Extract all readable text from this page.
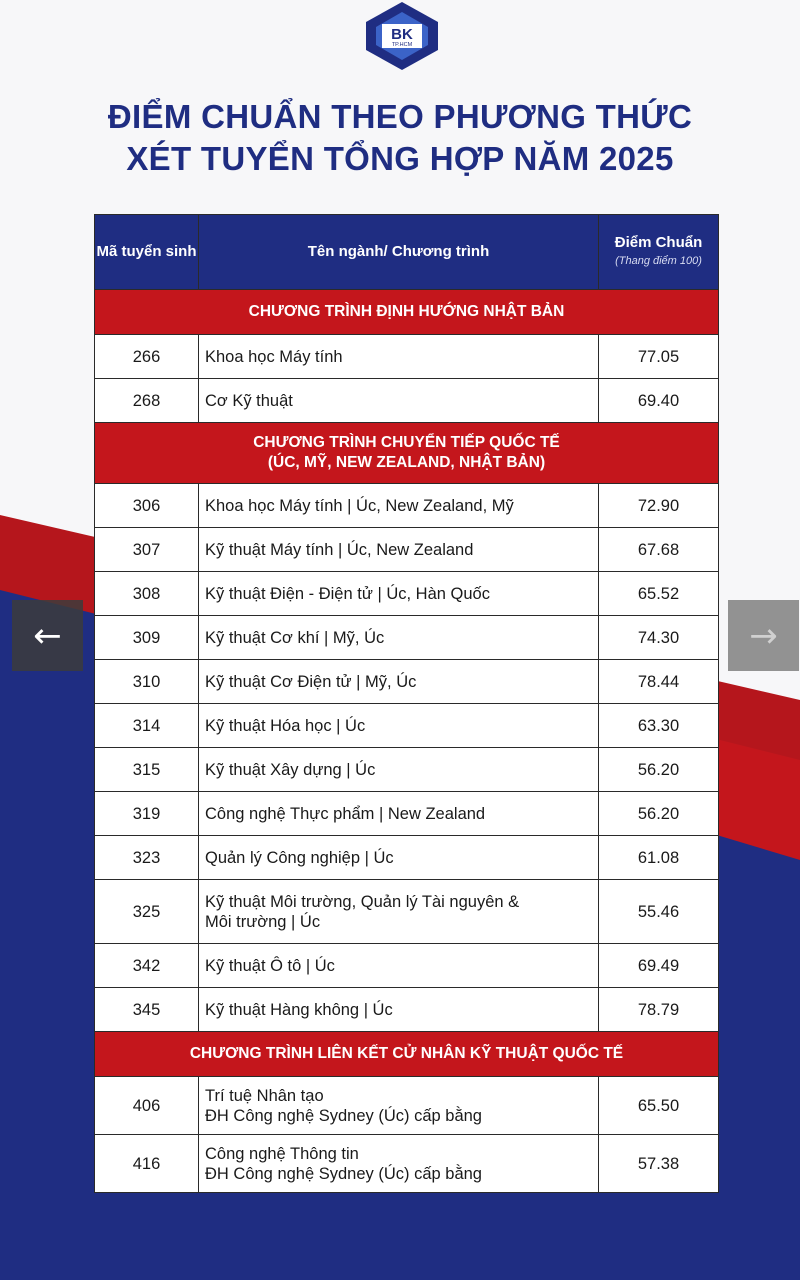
BK
TP.HCM
ĐIỂM CHUẨN THEO PHƯƠNG THỨC
XÉT TUYỂN TỔNG HỢP NĂM 2025
Mã tuyển sinh	Tên ngành/ Chương trình	Điểm Chuẩn
(Thang điểm 100)

CHƯƠNG TRÌNH ĐỊNH HƯỚNG NHẬT BẢN		
266	Khoa học Máy tính	77.05
268	Cơ Kỹ thuật	69.40

CHƯƠNG TRÌNH CHUYỂN TIẾP QUỐC TẾ
(ÚC, MỸ, NEW ZEALAND, NHẬT BẢN)		

306	Khoa học Máy tính | Úc, New Zealand, Mỹ	72.90
307	Kỹ thuật Máy tính | Úc, New Zealand	67.68
308	Kỹ thuật Điện - Điện tử | Úc, Hàn Quốc	65.52
309	Kỹ thuật Cơ khí | Mỹ, Úc	74.30
310	Kỹ thuật Cơ Điện tử | Mỹ, Úc	78.44
314	Kỹ thuật Hóa học | Úc	63.30
315	Kỹ thuật Xây dựng | Úc	56.20
319	Công nghệ Thực phẩm | New Zealand	56.20
323	Quản lý Công nghiệp | Úc	61.08
325	Kỹ thuật Môi trường, Quản lý Tài nguyên &
Môi trường | Úc	55.46
342	Kỹ thuật Ô tô | Úc	69.49
345	Kỹ thuật Hàng không | Úc	78.79
CHƯƠNG TRÌNH LIÊN KẾT CỬ NHÂN KỸ THUẬT QUỐC TẾ		
406	Trí tuệ Nhân tạo
ĐH Công nghệ Sydney (Úc) cấp bằng	65.50
416	Công nghệ Thông tin
ĐH Công nghệ Sydney (Úc) cấp bằng	57.38
←	→
